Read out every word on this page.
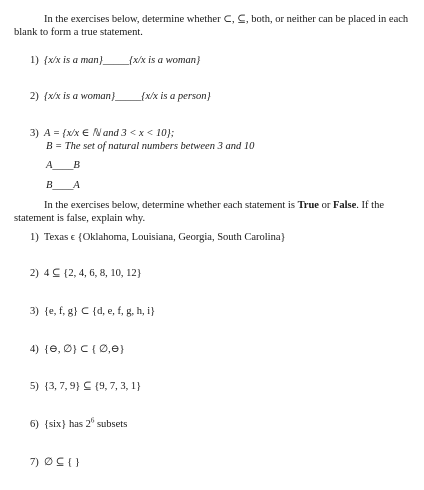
In the exercises below, determine whether ⊂, ⊆, both, or neither can be placed in each blank to form a true statement.
1) {x/x is a man}_____{x/x is a woman}
2) {x/x is a woman}_____{x/x is a person}
3) A = {x/x ∈ ℕ and 3 < x < 10};
B = The set of natural numbers between 3 and 10
A____B
B____A
In the exercises below, determine whether each statement is True or False. If the statement is false, explain why.
1) Texas ϵ {Oklahoma, Louisiana, Georgia, South Carolina}
2) 4 ⊆ {2, 4, 6, 8, 10, 12}
3) {e, f, g} ⊂ {d, e, f, g, h, i}
4) {⊖, ∅} ⊂ { ∅,⊖}
5) {3, 7, 9} ⊆ {9, 7, 3, 1}
6) {six} has $2^6$ subsets
7) ∅ ⊆ { }
